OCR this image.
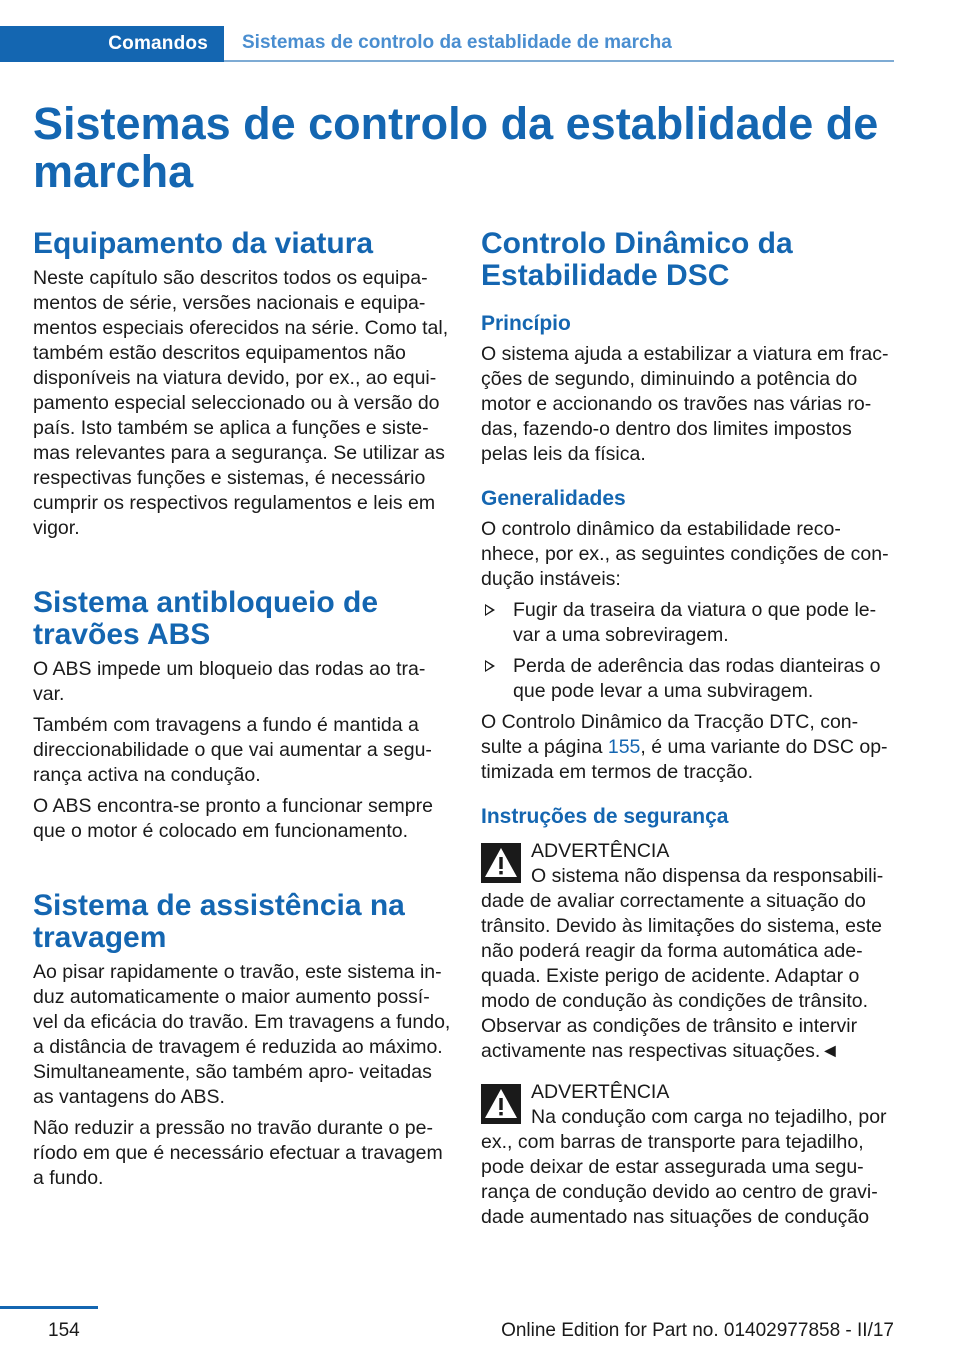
Comandos Sistemas de controlo da establidade de marcha
Sistemas de controlo da establidade de marcha
Equipamento da viatura

Neste capítulo são descritos todos os equipa- mentos de série, versões nacionais e equipa- mentos especiais oferecidos na série. Como tal, também estão descritos equipamentos não disponíveis na viatura devido, por ex., ao equi- pamento especial seleccionado ou à versão do país. Isto também se aplica a funções e siste- mas relevantes para a segurança. Se utilizar as respectivas funções e sistemas, é necessário cumprir os respectivos regulamentos e leis em vigor.

Sistema antibloqueio de travões ABS

O ABS impede um bloqueio das rodas ao tra- var.

Também com travagens a fundo é mantida a direccionabilidade o que vai aumentar a segu- rança activa na condução.

O ABS encontra-se pronto a funcionar sempre que o motor é colocado em funcionamento.

Sistema de assistência na travagem

Ao pisar rapidamente o travão, este sistema in- duz automaticamente o maior aumento possí- vel da eficácia do travão. Em travagens a fundo, a distância de travagem é reduzida ao máximo. Simultaneamente, são também apro- veitadas as vantagens do ABS.

Não reduzir a pressão no travão durante o pe- ríodo em que é necessário efectuar a travagem a fundo.

Controlo Dinâmico da Estabilidade DSC
Princípio

O sistema ajuda a estabilizar a viatura em frac- ções de segundo, diminuindo a potência do motor e accionando os travões nas várias ro- das, fazendo-o dentro dos limites impostos pelas leis da física.

Generalidades

O controlo dinâmico da estabilidade reco- nhece, por ex., as seguintes condições de con- dução instáveis:

Fugir da traseira da viatura o que pode le- var a uma sobreviragem.

Perda de aderência das rodas dianteiras o que pode levar a uma subviragem.

O Controlo Dinâmico da Tracção DTC, con- sulte a página 155, é uma variante do DSC op- timizada em termos de tracção.

Instruções de segurança

ADVERTÊNCIA

O sistema não dispensa da responsabili- dade de avaliar correctamente a situação do trânsito. Devido às limitações do sistema, este não poderá reagir da forma automática ade- quada. Existe perigo de acidente. Adaptar o modo de condução às condições de trânsito. Observar as condições de trânsito e intervir activamente nas respectivas situações.◄

ADVERTÊNCIA

Na condução com carga no tejadilho, por ex., com barras de transporte para tejadilho, pode deixar de estar assegurada uma segu- rança de condução devido ao centro de gravi- dade aumentado nas situações de condução

154	Online Edition for Part no. 01402977858 - II/17
